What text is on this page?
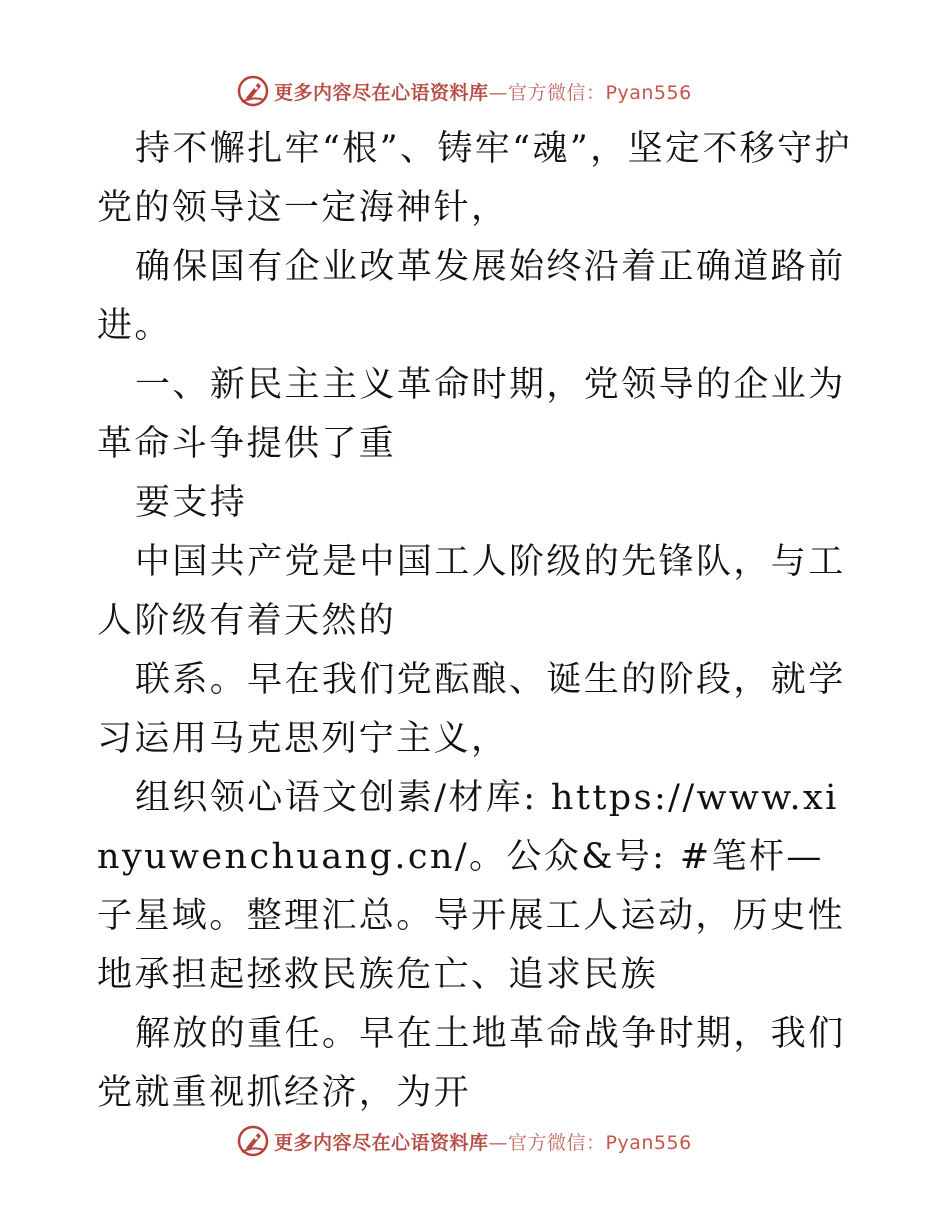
更多内容尽在心语资料库—官方微信：Pyan556

持不懈扎牢“根”、铸牢“魂”，坚定不移守护党的领导这一定海神针，

确保国有企业改革发展始终沿着正确道路前进。

一、新民主主义革命时期，党领导的企业为革命斗争提供了重

要支持

中国共产党是中国工人阶级的先锋队，与工人阶级有着天然的

联系。早在我们党酝酿、诞生的阶段，就学习运用马克思列宁主义，

组织领心语文创素/材库: https://www.xinyuwenchuang.cn/。公众&号: #笔杆—子星域。整理汇总。导开展工人运动，历史性地承担起拯救民族危亡、追求民族

解放的重任。早在土地革命战争时期，我们党就重视抓经济，为开

更多内容尽在心语资料库—官方微信：Pyan556
